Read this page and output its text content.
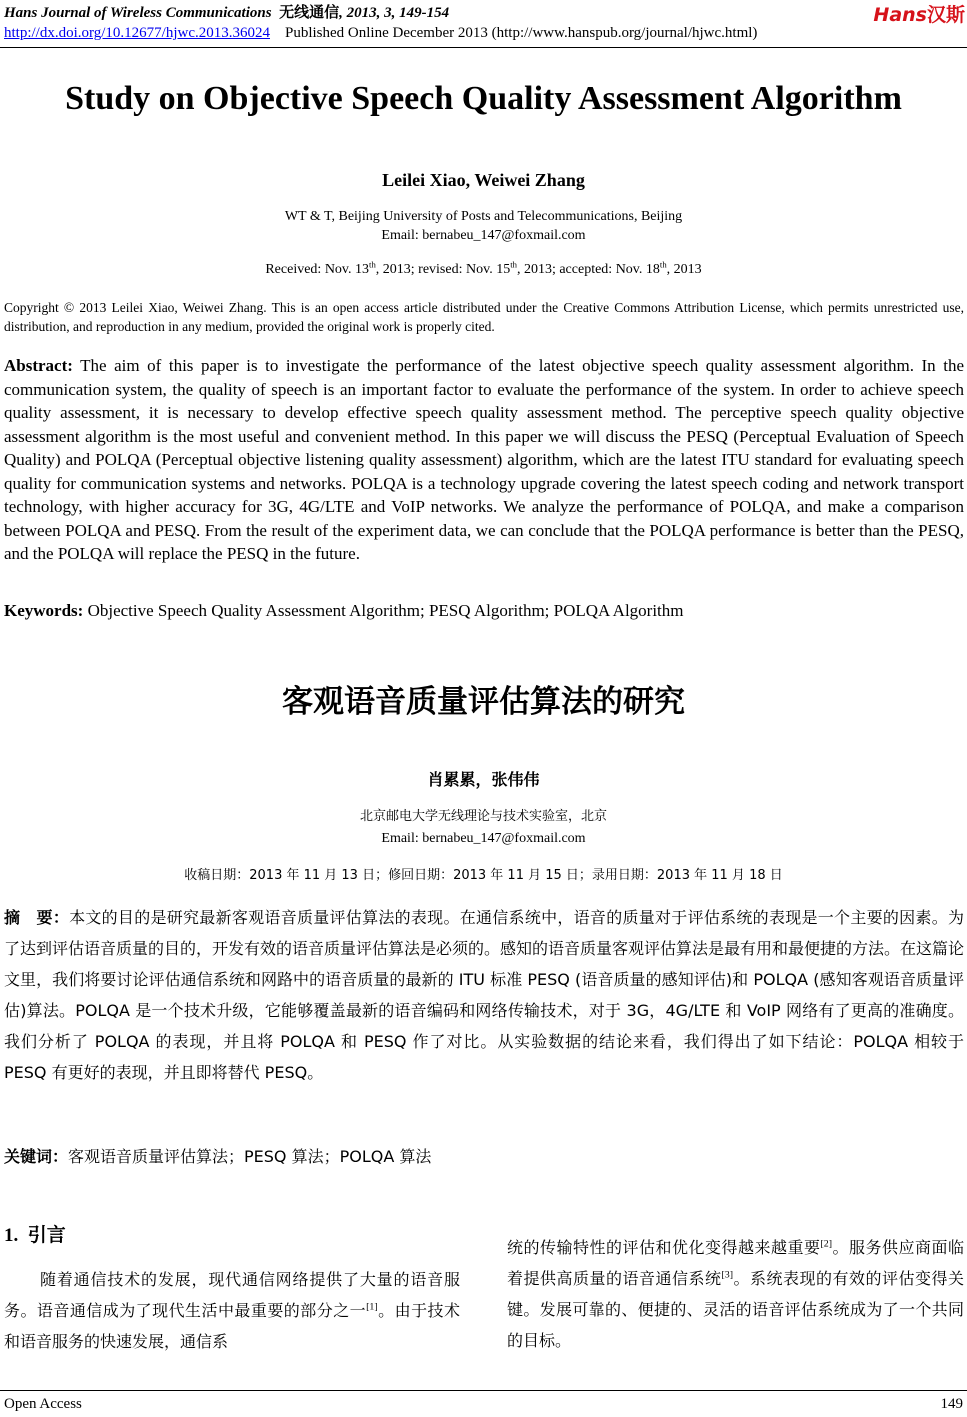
Hans Journal of Wireless Communications 无线通信, 2013, 3, 149-154
http://dx.doi.org/10.12677/hjwc.2013.36024 Published Online December 2013 (http://www.hanspub.org/journal/hjwc.html)
Hans汉斯
Study on Objective Speech Quality Assessment Algorithm
Leilei Xiao, Weiwei Zhang
WT & T, Beijing University of Posts and Telecommunications, Beijing
Email: bernabeu_147@foxmail.com
Received: Nov. 13th, 2013; revised: Nov. 15th, 2013; accepted: Nov. 18th, 2013
Copyright © 2013 Leilei Xiao, Weiwei Zhang. This is an open access article distributed under the Creative Commons Attribution License, which permits unrestricted use, distribution, and reproduction in any medium, provided the original work is properly cited.
Abstract: The aim of this paper is to investigate the performance of the latest objective speech quality assessment algorithm. In the communication system, the quality of speech is an important factor to evaluate the performance of the system. In order to achieve speech quality assessment, it is necessary to develop effective speech quality assessment method. The perceptive speech quality objective assessment algorithm is the most useful and convenient method. In this paper we will discuss the PESQ (Perceptual Evaluation of Speech Quality) and POLQA (Perceptual objective listening quality assessment) algorithm, which are the latest ITU standard for evaluating speech quality for communication systems and networks. POLQA is a technology upgrade covering the latest speech coding and network transport technology, with higher accuracy for 3G, 4G/LTE and VoIP networks. We analyze the performance of POLQA, and make a comparison between POLQA and PESQ. From the result of the experiment data, we can conclude that the POLQA performance is better than the PESQ, and the POLQA will replace the PESQ in the future.
Keywords: Objective Speech Quality Assessment Algorithm; PESQ Algorithm; POLQA Algorithm
客观语音质量评估算法的研究
肖累累，张伟伟
北京邮电大学无线理论与技术实验室，北京
Email: bernabeu_147@foxmail.com
收稿日期：2013 年 11 月 13 日；修回日期：2013 年 11 月 15 日；录用日期：2013 年 11 月 18 日
摘　要：本文的目的是研究最新客观语音质量评估算法的表现。在通信系统中，语音的质量对于评估系统的表现是一个主要的因素。为了达到评估语音质量的目的，开发有效的语音质量评估算法是必须的。感知的语音质量客观评估算法是最有用和最便捷的方法。在这篇论文里，我们将要讨论评估通信系统和网路中的语音质量的最新的 ITU 标准 PESQ (语音质量的感知评估)和 POLQA (感知客观语音质量评估)算法。POLQA 是一个技术升级，它能够覆盖最新的语音编码和网络传输技术，对于 3G，4G/LTE 和 VoIP 网络有了更高的准确度。我们分析了 POLQA 的表现，并且将 POLQA 和 PESQ 作了对比。从实验数据的结论来看，我们得出了如下结论：POLQA 相较于 PESQ 有更好的表现，并且即将替代 PESQ。
关键词：客观语音质量评估算法；PESQ 算法；POLQA 算法
1. 引言
随着通信技术的发展，现代通信网络提供了大量的语音服务。语音通信成为了现代生活中最重要的部分之一[1]。由于技术和语音服务的快速发展，通信系
统的传输特性的评估和优化变得越来越重要[2]。服务供应商面临着提供高质量的语音通信系统[3]。系统表现的有效的评估变得关键。发展可靠的、便捷的、灵活的语音评估系统成为了一个共同的目标。
Open Access	149
